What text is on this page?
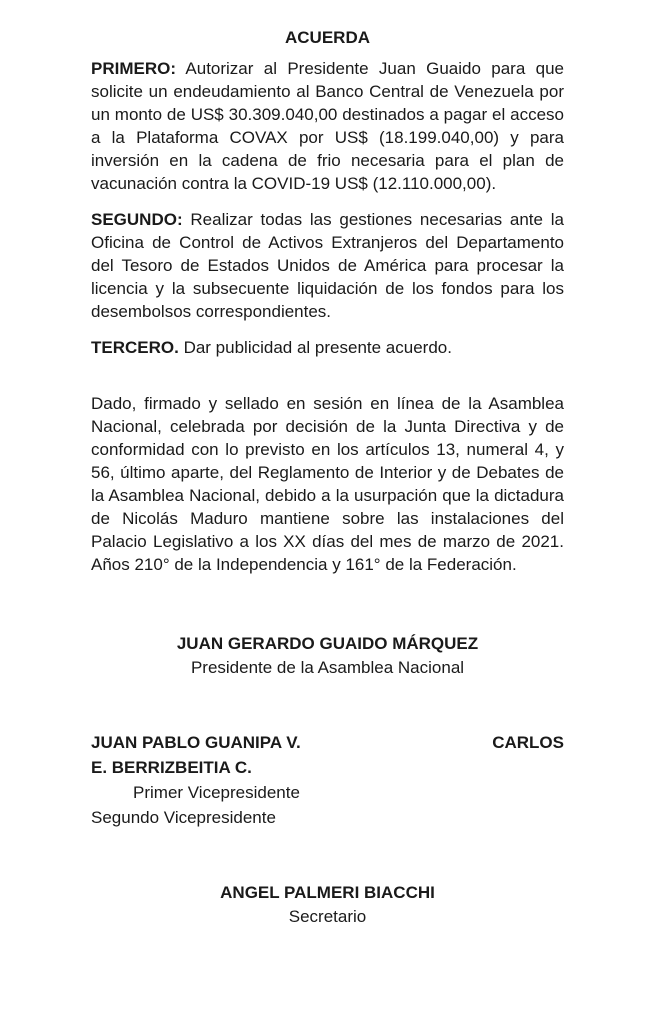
ACUERDA

PRIMERO: Autorizar al Presidente Juan Guaido para que solicite un endeudamiento al Banco Central de Venezuela por un monto de US$ 30.309.040,00 destinados a pagar el acceso a la Plataforma COVAX por US$ (18.199.040,00) y para inversión en la cadena de frio necesaria para el plan de vacunación contra la COVID-19 US$ (12.110.000,00).

SEGUNDO: Realizar todas las gestiones necesarias ante la Oficina de Control de Activos Extranjeros del Departamento del Tesoro de Estados Unidos de América para procesar la licencia y la subsecuente liquidación de los fondos para los desembolsos correspondientes.

TERCERO. Dar publicidad al presente acuerdo.

Dado, firmado y sellado en sesión en línea de la Asamblea Nacional, celebrada por decisión de la Junta Directiva y de conformidad con lo previsto en los artículos 13, numeral 4, y 56, último aparte, del Reglamento de Interior y de Debates de la Asamblea Nacional, debido a la usurpación que la dictadura de Nicolás Maduro mantiene sobre las instalaciones del Palacio Legislativo a los XX días del mes de marzo de 2021. Años 210° de la Independencia y 161° de la Federación.

JUAN GERARDO GUAIDO MÁRQUEZ
Presidente de la Asamblea Nacional
JUAN PABLO GUANIPA V.	CARLOS
E. BERRIZBEITIA C.
Primer Vicepresidente
Segundo Vicepresidente
ANGEL PALMERI BIACCHI
Secretario
